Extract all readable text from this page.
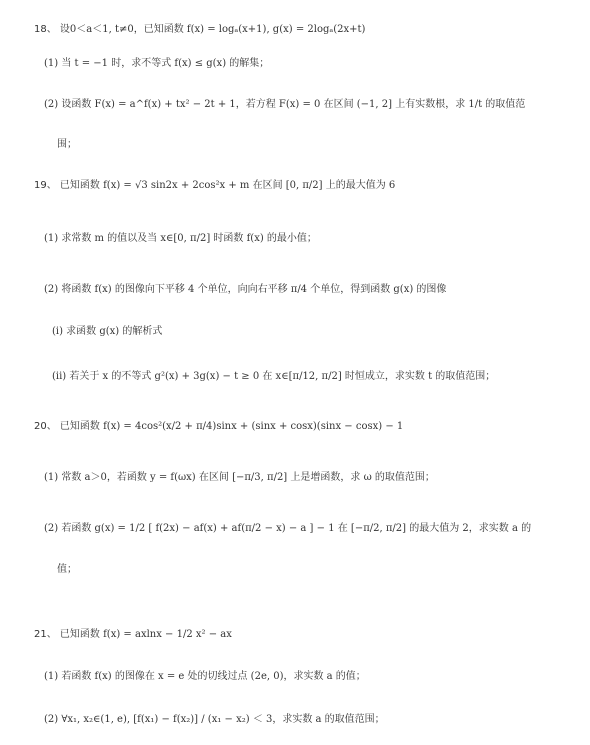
18、 设0＜a＜1, t≠0，已知函数 f(x) = logₐ(x+1), g(x) = 2logₐ(2x+t)
(1) 当 t = −1 时，求不等式 f(x) ≤ g(x) 的解集；
(2) 设函数 F(x) = a^f(x) + tx² − 2t + 1，若方程 F(x) = 0 在区间 (−1, 2] 上有实数根，求 1/t 的取值范
围；
19、 已知函数 f(x) = √3 sin2x + 2cos²x + m 在区间 [0, π/2] 上的最大值为 6
(1) 求常数 m 的值以及当 x∈[0, π/2] 时函数 f(x) 的最小值；
(2) 将函数 f(x) 的图像向下平移 4 个单位，向向右平移 π/4 个单位，得到函数 g(x) 的图像
(i) 求函数 g(x) 的解析式
(ii) 若关于 x 的不等式 g²(x) + 3g(x) − t ≥ 0 在 x∈[π/12, π/2] 时恒成立，求实数 t 的取值范围；
20、 已知函数 f(x) = 4cos²(x/2 + π/4)sinx + (sinx + cosx)(sinx − cosx) − 1
(1) 常数 a＞0，若函数 y = f(ωx) 在区间 [−π/3, π/2] 上是增函数，求 ω 的取值范围；
(2) 若函数 g(x) = 1/2 [ f(2x) − af(x) + af(π/2 − x) − a ] − 1 在 [−π/2, π/2] 的最大值为 2，求实数 a 的
值；
21、 已知函数 f(x) = axlnx − 1/2 x² − ax
(1) 若函数 f(x) 的图像在 x = e 处的切线过点 (2e, 0)，求实数 a 的值；
(2) ∀x₁, x₂∈(1, e), [f(x₁) − f(x₂)] / (x₁ − x₂) ＜ 3，求实数 a 的取值范围；
